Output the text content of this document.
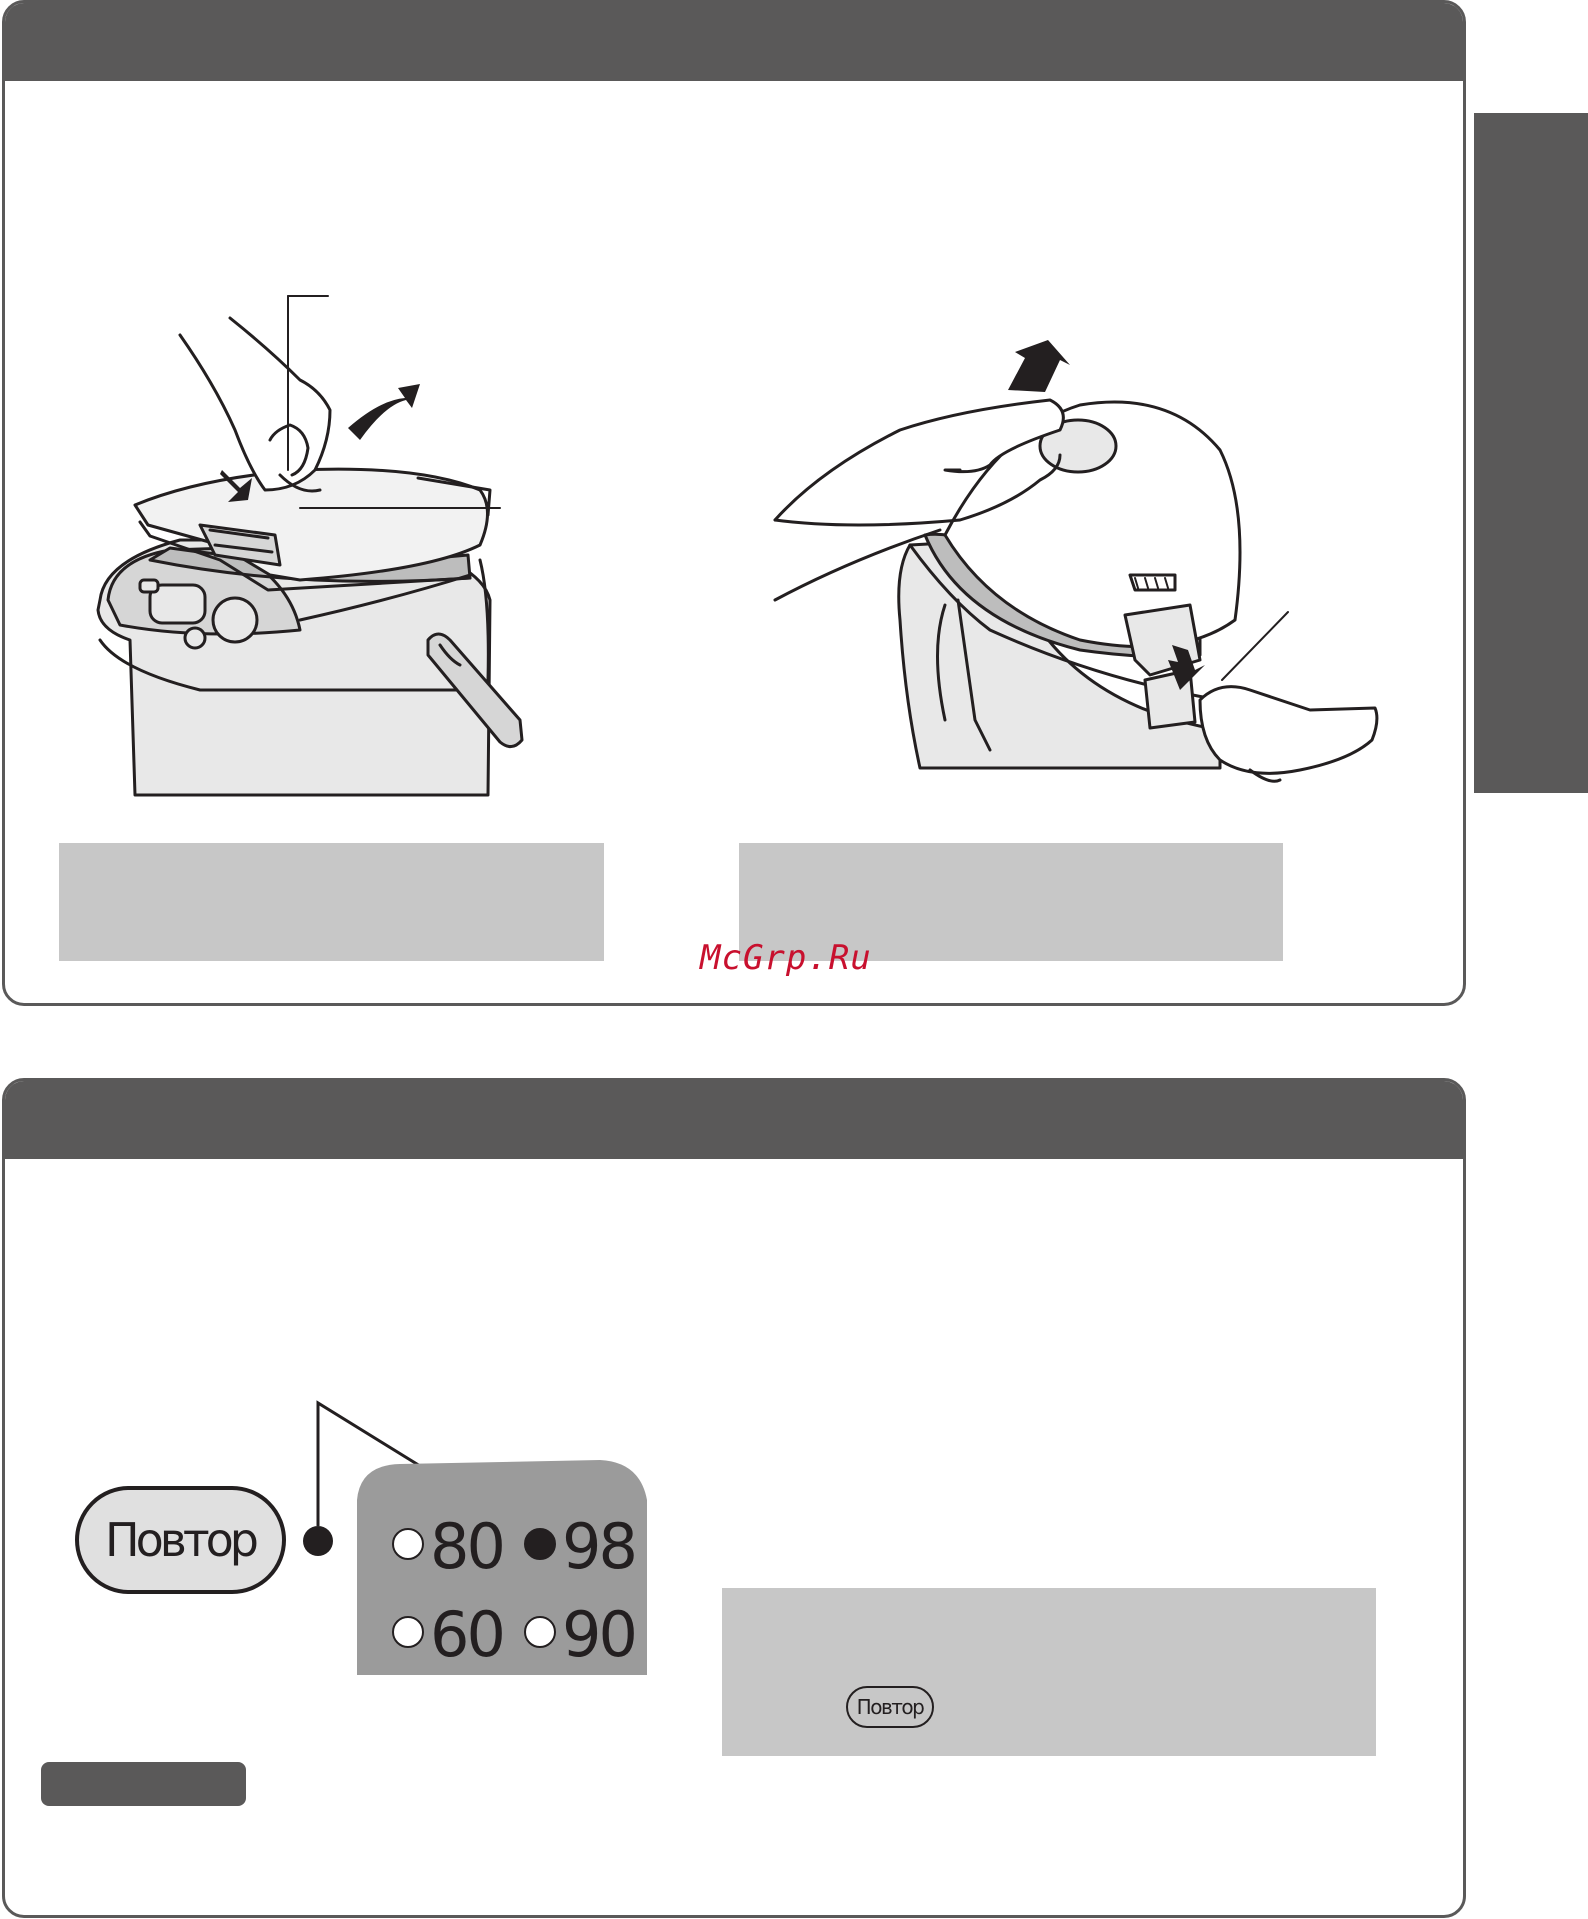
Повтор
McGrp.Ru
Повтор	80 98
60 90
